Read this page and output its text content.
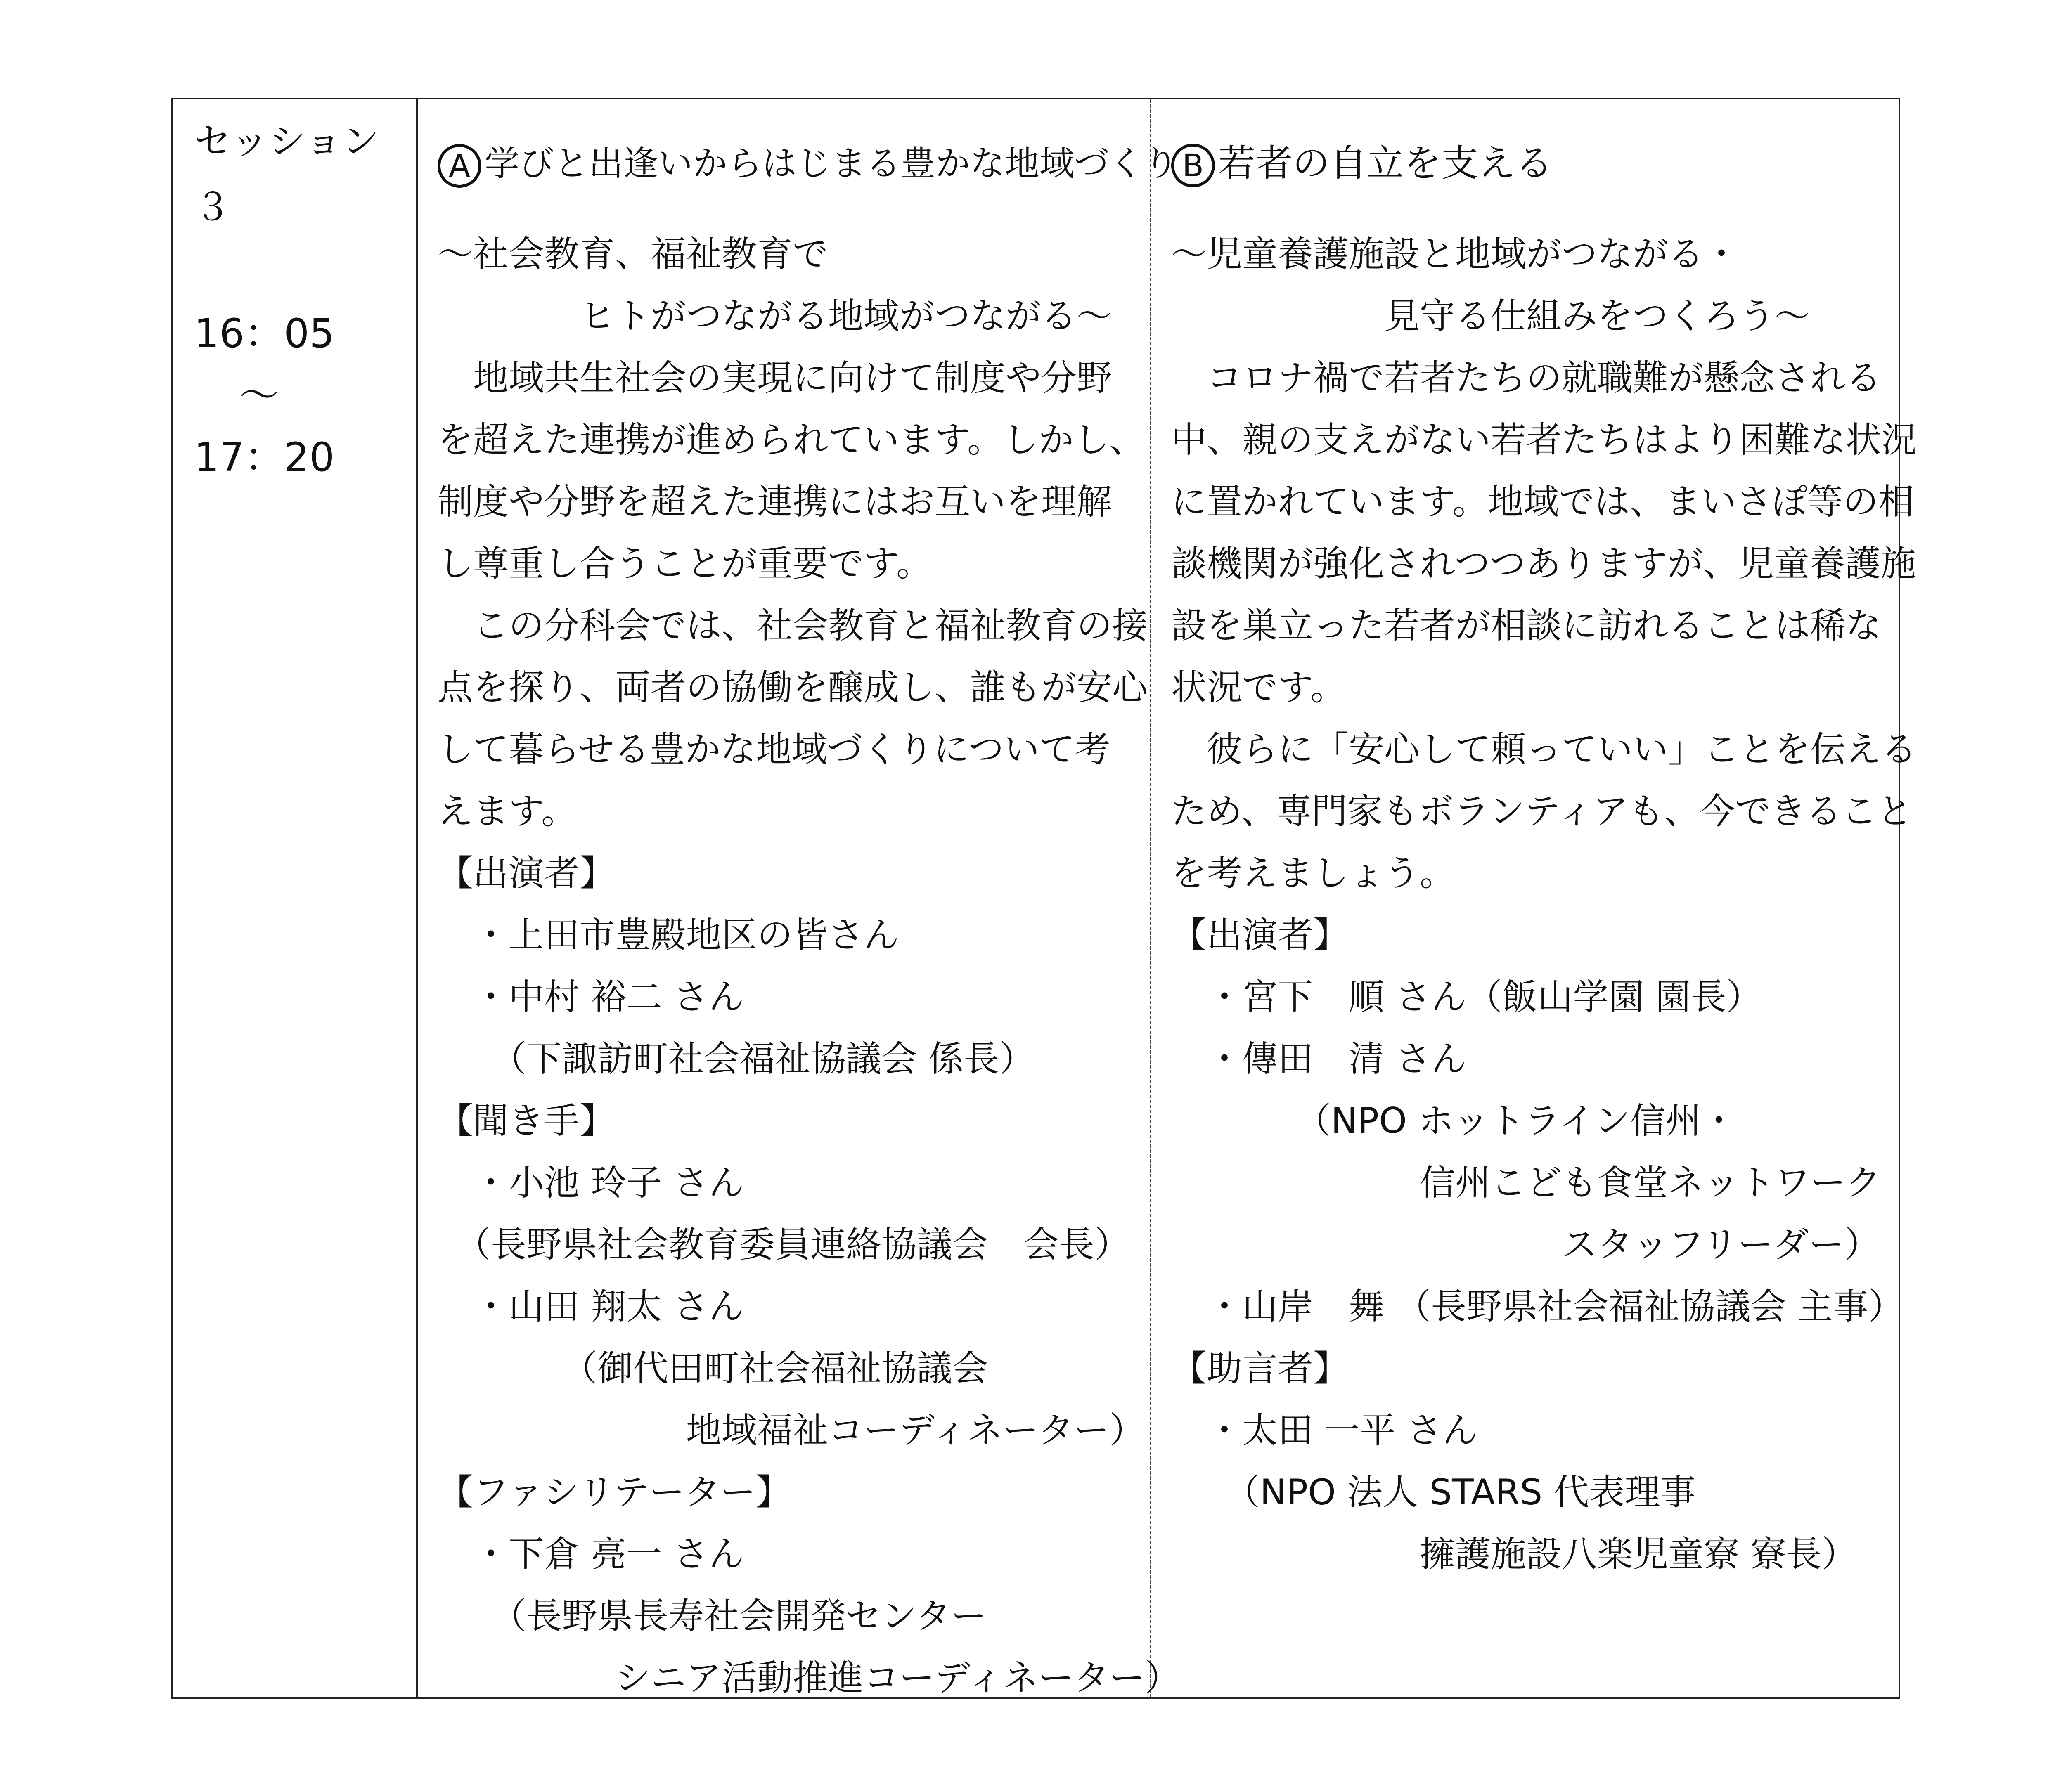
セッション３
16：05
〜
17：20
A 学びと出逢いからはじまる豊かな地域づくり
～社会教育、福祉教育で
　　　　ヒトがつながる地域がつながる～
　地域共生社会の実現に向けて制度や分野
を超えた連携が進められています。しかし、
制度や分野を超えた連携にはお互いを理解
し尊重し合うことが重要です。
　この分科会では、社会教育と福祉教育の接
点を探り、両者の協働を醸成し、誰もが安心
して暮らせる豊かな地域づくりについて考
えます。
【出演者】
　・上田市豊殿地区の皆さん
　・中村 裕二 さん
　　（下諏訪町社会福祉協議会 係長）
【聞き手】
　・小池 玲子 さん
　（長野県社会教育委員連絡協議会　会長）
　・山田 翔太 さん
　　　　（御代田町社会福祉協議会
　　　　　　　地域福祉コーディネーター）
【ファシリテーター】
　・下倉 亮一 さん
　　（長野県長寿社会開発センター
　　　　　シニア活動推進コーディネーター）
B 若者の自立を支える
～児童養護施設と地域がつながる・
　　　　　　見守る仕組みをつくろう～
　コロナ禍で若者たちの就職難が懸念される
中、親の支えがない若者たちはより困難な状況
に置かれています。地域では、まいさぽ等の相
談機関が強化されつつありますが、児童養護施
設を巣立った若者が相談に訪れることは稀な
状況です。
　彼らに「安心して頼っていい」ことを伝える
ため、専門家もボランティアも、今できること
を考えましょう。
【出演者】
　・宮下　順 さん（飯山学園 園長）
　・傳田　清 さん
　　　　（NPO ホットライン信州・
　　　　　　　信州こども食堂ネットワーク
　　　　　　　　　　　スタッフリーダー）
　・山岸　舞 （長野県社会福祉協議会 主事）
【助言者】
　・太田 一平 さん
　　（NPO 法人 STARS 代表理事
　　　　　　　擁護施設八楽児童寮 寮長）
